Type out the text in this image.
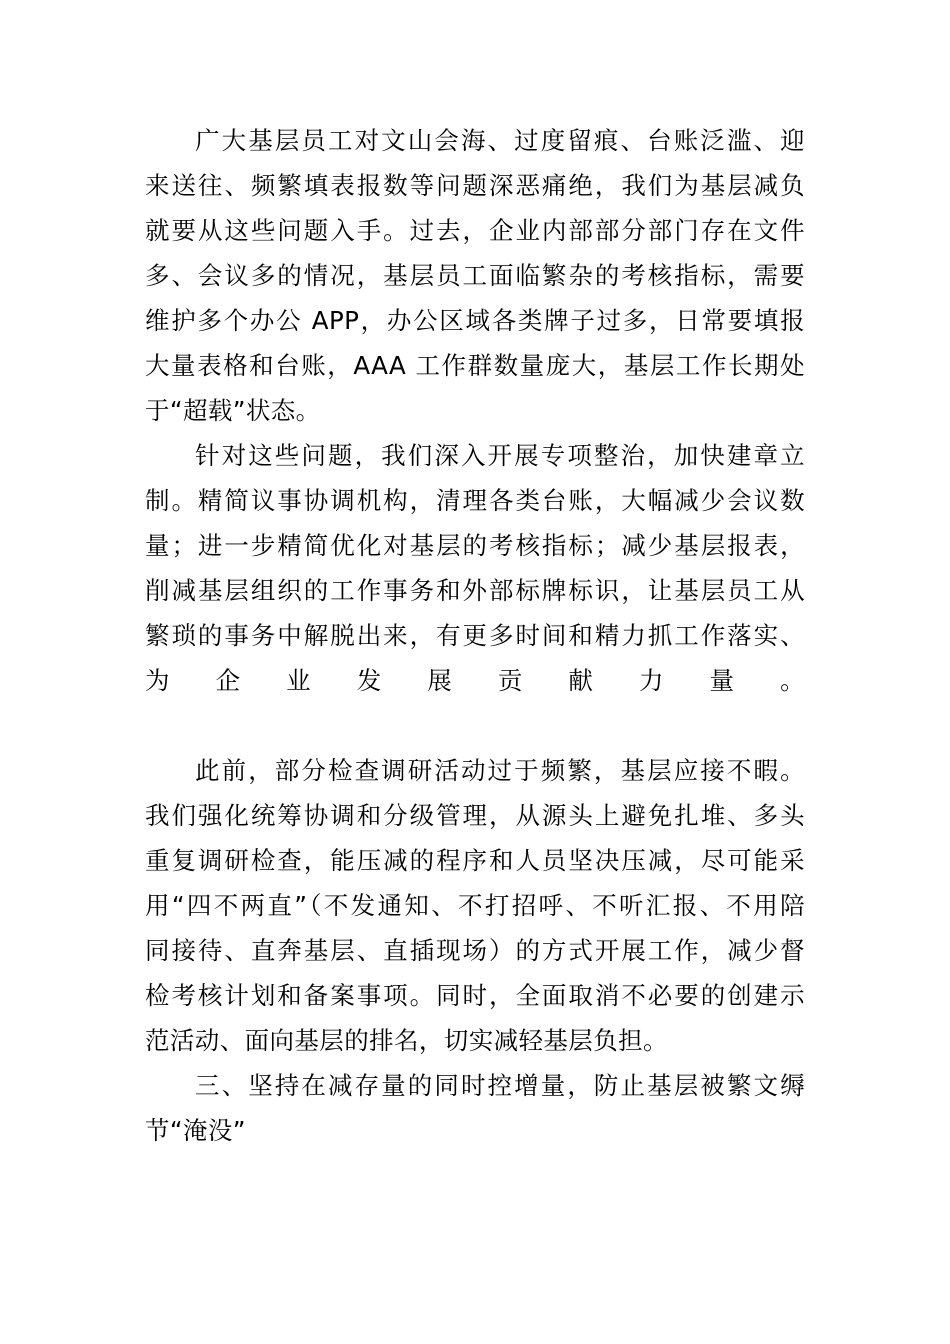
广大基层员工对文山会海、过度留痕、台账泛滥、迎
来送往、频繁填表报数等问题深恶痛绝，我们为基层减负
就要从这些问题入手。过去，企业内部部分部门存在文件
多、会议多的情况，基层员工面临繁杂的考核指标，需要
维护多个办公 APP，办公区域各类牌子过多，日常要填报
大量表格和台账，AAA 工作群数量庞大，基层工作长期处
于“超载”状态。
针对这些问题，我们深入开展专项整治，加快建章立
制。精简议事协调机构，清理各类台账，大幅减少会议数
量；进一步精简优化对基层的考核指标；减少基层报表，
削减基层组织的工作事务和外部标牌标识，让基层员工从
繁琐的事务中解脱出来，有更多时间和精力抓工作落实、
为企业发展贡献力量。
此前，部分检查调研活动过于频繁，基层应接不暇。
我们强化统筹协调和分级管理，从源头上避免扎堆、多头
重复调研检查，能压减的程序和人员坚决压减，尽可能采
用“四不两直”（不发通知、不打招呼、不听汇报、不用陪
同接待、直奔基层、直插现场）的方式开展工作，减少督
检考核计划和备案事项。同时，全面取消不必要的创建示
范活动、面向基层的排名，切实减轻基层负担。
三、坚持在减存量的同时控增量，防止基层被繁文缛
节“淹没”
